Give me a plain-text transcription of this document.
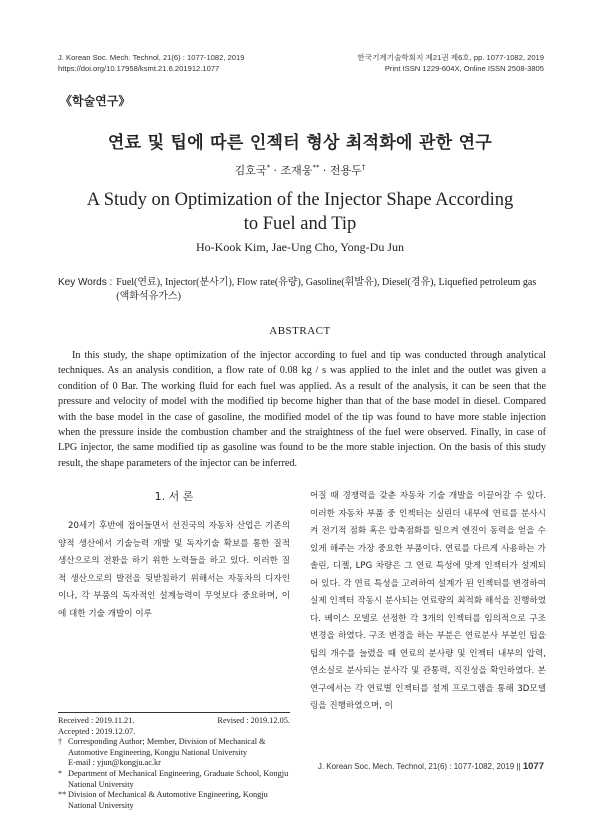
J. Korean Soc. Mech. Technol, 21(6) : 1077-1082, 2019
https://doi.org/10.17958/ksmt.21.6.201912.1077
한국기계기술학회지 제21권 제6호, pp. 1077-1082, 2019
Print ISSN 1229-604X, Online ISSN 2508-3805
《학술연구》
연료 및 팁에 따른 인젝터 형상 최적화에 관한 연구
김호국* · 조재웅** · 전용두†
A Study on Optimization of the Injector Shape According to Fuel and Tip
Ho-Kook Kim, Jae-Ung Cho, Yong-Du Jun
Key Words : Fuel(연료), Injector(분사기), Flow rate(유량), Gasoline(휘발유), Diesel(경유), Liquefied petroleum gas (액화석유가스)
ABSTRACT
In this study, the shape optimization of the injector according to fuel and tip was conducted through analytical techniques. As an analysis condition, a flow rate of 0.08 kg / s was applied to the inlet and the outlet was given a condition of 0 Bar. The working fluid for each fuel was applied. As a result of the analysis, it can be seen that the pressure and velocity of model with the modified tip become higher than that of the base model in diesel. Compared with the base model in the case of gasoline, the modified model of the tip was found to have more stable injection when the pressure inside the combustion chamber and the straightness of the fuel were observed. Finally, in case of LPG injector, the same modified tip as gasoline was found to be the more stable injection. On the basis of this study result, the shape parameters of the injector can be inferred.
1. 서 론
20세기 후반에 접어들면서 선진국의 자동차 산업은 기존의 양적 생산에서 기술능력 개발 및 독자기술 확보를 통한 질적 생산으로의 전환을 하기 위한 노력들을 하고 있다. 이러한 질적 생산으로의 발전을 뒷받침하기 위해서는 자동차의 디자인이나, 각 부품의 독자적인 설계능력이 무엇보다 중요하며, 이에 대한 기술 개발이 이루
어질 때 경쟁력을 갖춘 자동차 기술 개발을 이끌어갈 수 있다. 이러한 자동차 부품 중 인젝터는 실린더 내부에 연료를 분사시켜 전기적 점화 혹은 압축점화를 일으켜 엔진이 동력을 얻을 수 있게 해주는 가장 중요한 부품이다. 연료를 다르게 사용하는 가솔린, 디젤, LPG 차량은 그 연료 특성에 맞게 인젝터가 설계되어 있다. 각 연료 특성을 고려하여 설계가 된 인젝터를 변경하여 실제 인젝터 작동시 분사되는 연료량의 최적화 해석을 진행하였다. 베이스 모델로 선정한 각 3개의 인젝터를 임의적으로 구조 변경을 하였다. 구조 변경을 하는 부분은 연료분사 부분인 팁을 팁의 개수를 늘렸을 때 연료의 분사량 및 인젝터 내부의 압력, 연소실로 분사되는 분사각 및 관통력, 직진성을 확인하였다. 본 연구에서는 각 연료별 인젝터를 설계 프로그램을 통해 3D모델링을 진행하였으며, 이
Received : 2019.11.21.	Revised : 2019.12.05.
Accepted : 2019.12.07.
† Corresponding Author; Member, Division of Mechanical & Automotive Engineering, Kongju National University
E-mail : yjun@kongju.ac.kr
* Department of Mechanical Engineering, Graduate School, Kongju National University
** Division of Mechanical & Automotive Engineering, Kongju National University
J. Korean Soc. Mech. Technol, 21(6) : 1077-1082, 2019 || 1077
